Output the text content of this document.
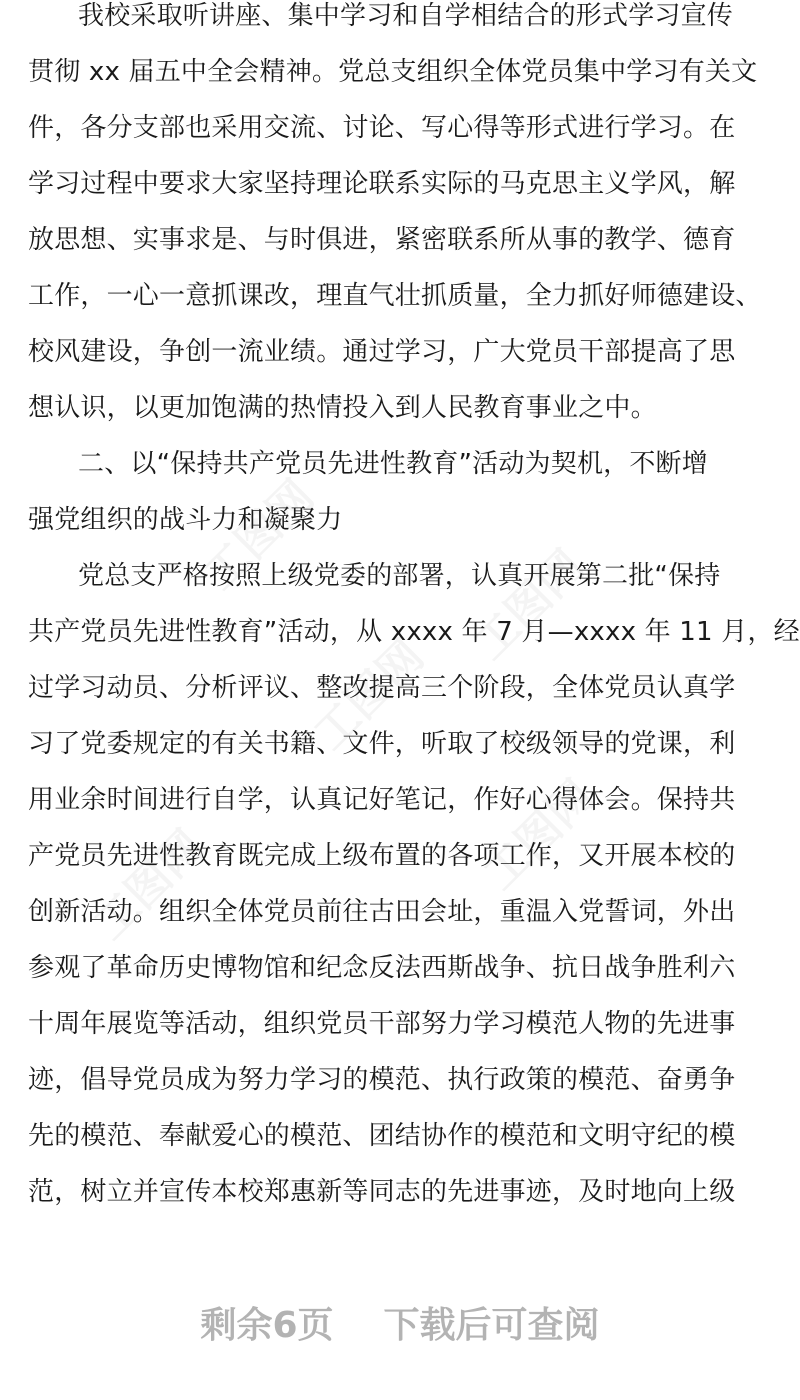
我校采取听讲座、集中学习和自学相结合的形式学习宣传
贯彻 xx 届五中全会精神。党总支组织全体党员集中学习有关文
件，各分支部也采用交流、讨论、写心得等形式进行学习。在
学习过程中要求大家坚持理论联系实际的马克思主义学风，解
放思想、实事求是、与时俱进，紧密联系所从事的教学、德育
工作，一心一意抓课改，理直气壮抓质量，全力抓好师德建设、
校风建设，争创一流业绩。通过学习，广大党员干部提高了思
想认识，以更加饱满的热情投入到人民教育事业之中。
二、以“保持共产党员先进性教育”活动为契机，不断增
强党组织的战斗力和凝聚力
党总支严格按照上级党委的部署，认真开展第二批“保持
共产党员先进性教育”活动，从 xxxx 年 7 月—xxxx 年 11 月，经
过学习动员、分析评议、整改提高三个阶段，全体党员认真学
习了党委规定的有关书籍、文件，听取了校级领导的党课，利
用业余时间进行自学，认真记好笔记，作好心得体会。保持共
产党员先进性教育既完成上级布置的各项工作，又开展本校的
创新活动。组织全体党员前往古田会址，重温入党誓词，外出
参观了革命历史博物馆和纪念反法西斯战争、抗日战争胜利六
十周年展览等活动，组织党员干部努力学习模范人物的先进事
迹，倡导党员成为努力学习的模范、执行政策的模范、奋勇争
先的模范、奉献爱心的模范、团结协作的模范和文明守纪的模
范，树立并宣传本校郑惠新等同志的先进事迹，及时地向上级
剩余6页 下载后可查阅
